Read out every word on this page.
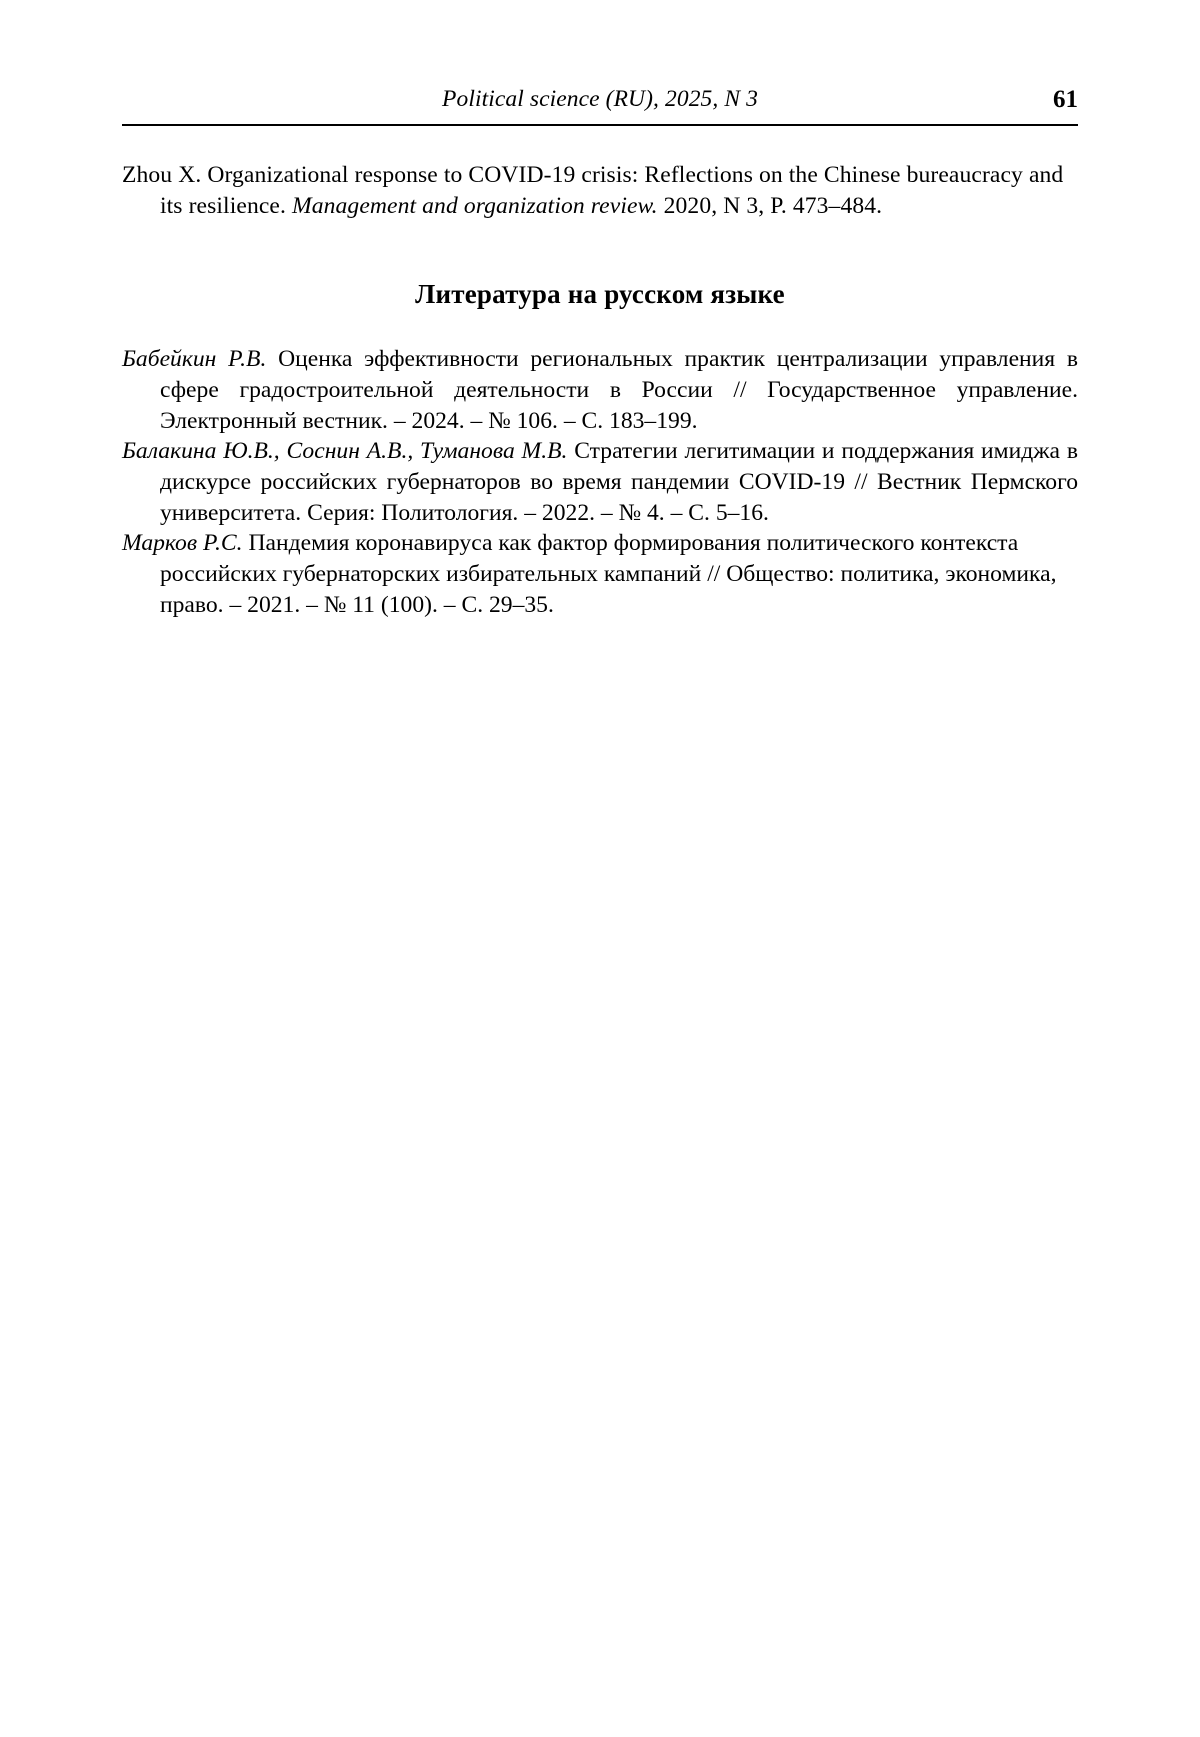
Political science (RU), 2025, N 3	61

Zhou X. Organizational response to COVID-19 crisis: Reflections on the Chinese bureaucracy and its resilience. Management and organization review. 2020, N 3, P. 473–484.

Литература на русском языке

Бабейкин Р.В. Оценка эффективности региональных практик централизации управления в сфере градостроительной деятельности в России // Государственное управление. Электронный вестник. – 2024. – № 106. – С. 183–199.

Балакина Ю.В., Соснин А.В., Туманова М.В. Стратегии легитимации и поддержания имиджа в дискурсе российских губернаторов во время пандемии COVID-19 // Вестник Пермского университета. Серия: Политология. – 2022. – № 4. – С. 5–16.

Марков Р.С. Пандемия коронавируса как фактор формирования политического контекста российских губернаторских избирательных кампаний // Общество: политика, экономика, право. – 2021. – № 11 (100). – С. 29–35.
